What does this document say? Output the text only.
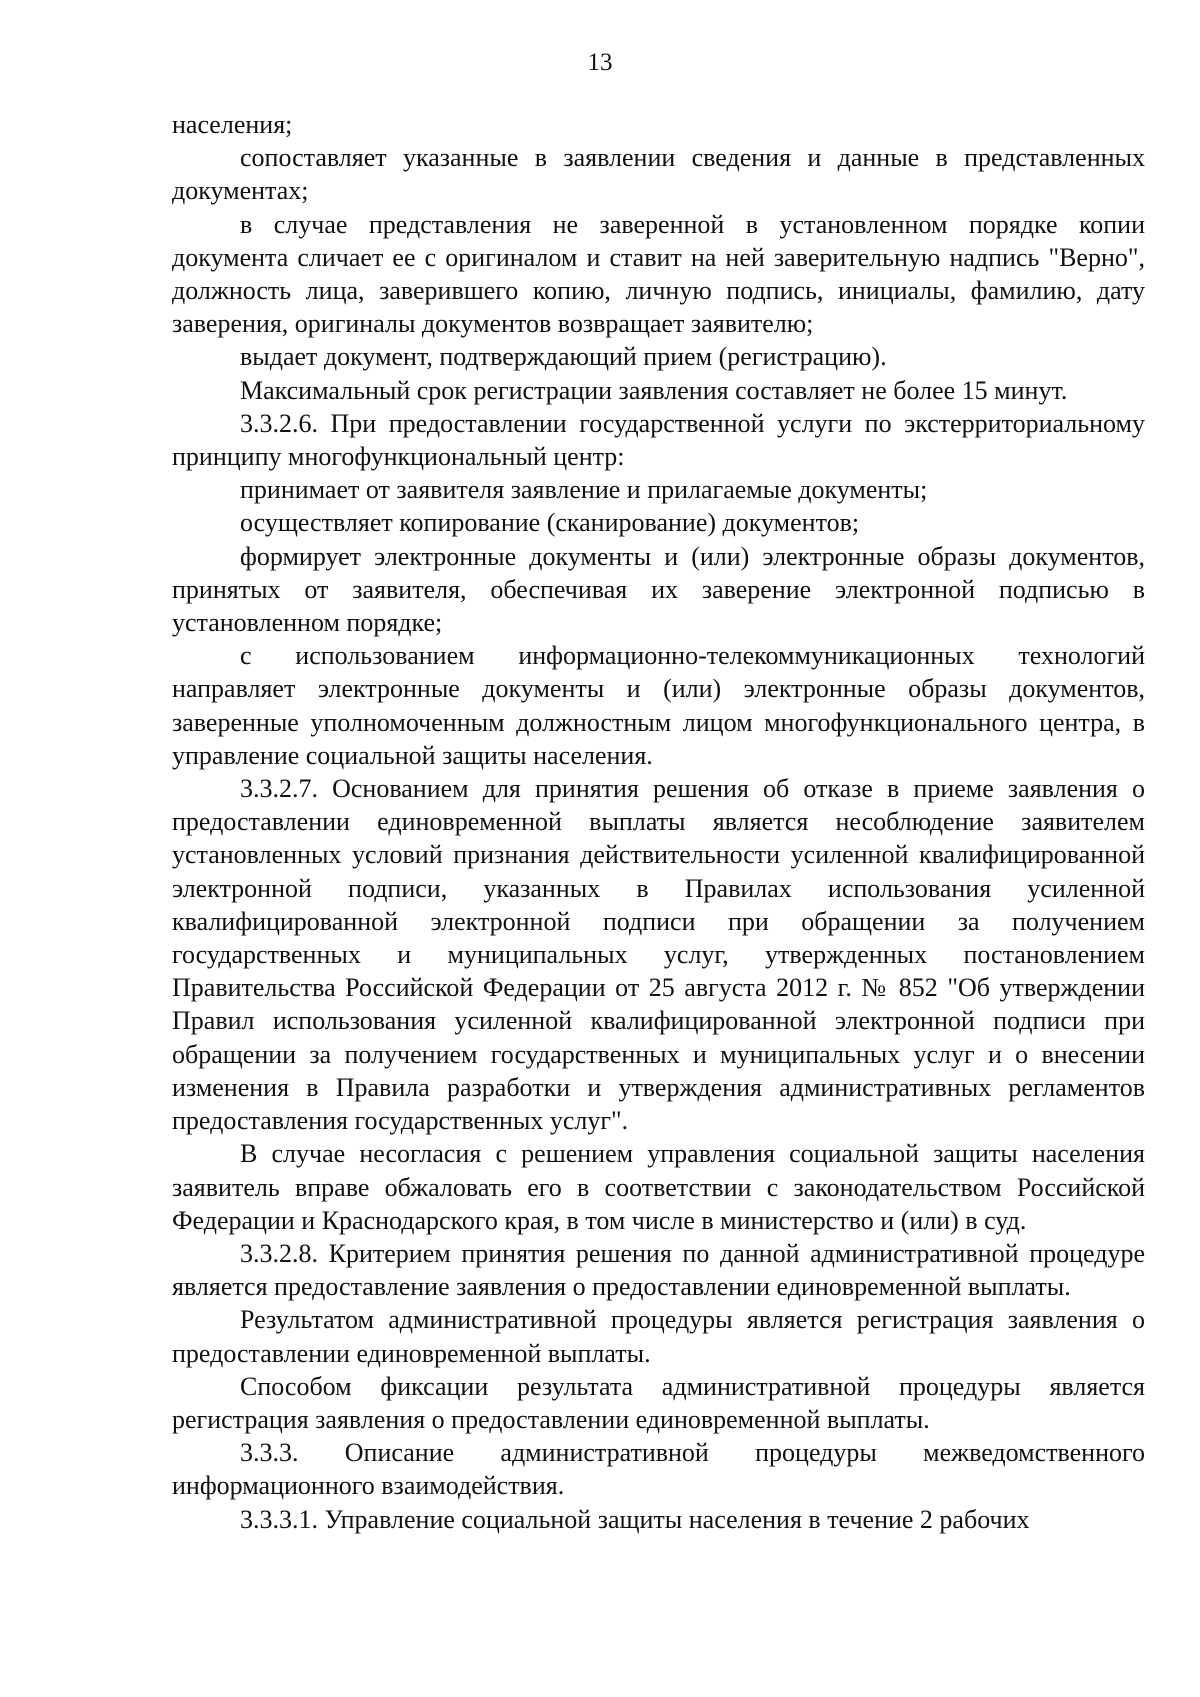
13

населения;

сопоставляет указанные в заявлении сведения и данные в представленных документах;

в случае представления не заверенной в установленном порядке копии документа сличает ее с оригиналом и ставит на ней заверительную надпись "Верно", должность лица, заверившего копию, личную подпись, инициалы, фамилию, дату заверения, оригиналы документов возвращает заявителю;

выдает документ, подтверждающий прием (регистрацию).

Максимальный срок регистрации заявления составляет не более 15 минут.

3.3.2.6. При предоставлении государственной услуги по экстерриториальному принципу многофункциональный центр:

принимает от заявителя заявление и прилагаемые документы;

осуществляет копирование (сканирование) документов;

формирует электронные документы и (или) электронные образы документов, принятых от заявителя, обеспечивая их заверение электронной подписью в установленном порядке;

с использованием информационно-телекоммуникационных технологий направляет электронные документы и (или) электронные образы документов, заверенные уполномоченным должностным лицом многофункционального центра, в управление социальной защиты населения.

3.3.2.7. Основанием для принятия решения об отказе в приеме заявления о предоставлении единовременной выплаты является несоблюдение заявителем установленных условий признания действительности усиленной квалифицированной электронной подписи, указанных в Правилах использования усиленной квалифицированной электронной подписи при обращении за получением государственных и муниципальных услуг, утвержденных постановлением Правительства Российской Федерации от 25 августа 2012 г. № 852 "Об утверждении Правил использования усиленной квалифицированной электронной подписи при обращении за получением государственных и муниципальных услуг и о внесении изменения в Правила разработки и утверждения административных регламентов предоставления государственных услуг".

В случае несогласия с решением управления социальной защиты населения заявитель вправе обжаловать его в соответствии с законодательством Российской Федерации и Краснодарского края, в том числе в министерство и (или) в суд.

3.3.2.8. Критерием принятия решения по данной административной процедуре является предоставление заявления о предоставлении единовременной выплаты.

Результатом административной процедуры является регистрация заявления о предоставлении единовременной выплаты.

Способом фиксации результата административной процедуры является регистрация заявления о предоставлении единовременной выплаты.

3.3.3. Описание административной процедуры межведомственного информационного взаимодействия.

3.3.3.1. Управление социальной защиты населения в течение 2 рабочих
